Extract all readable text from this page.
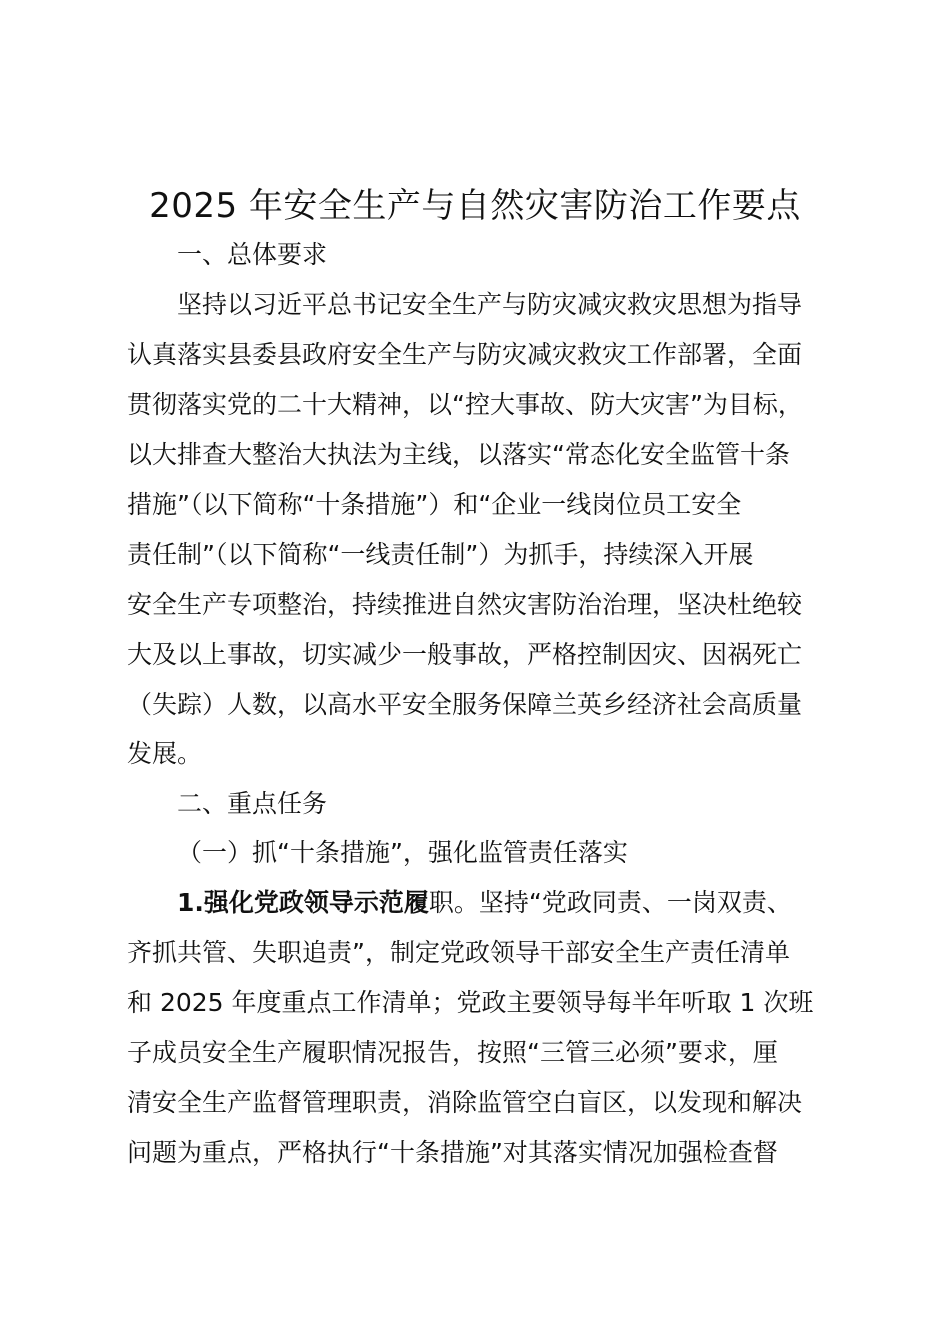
2025 年安全生产与自然灾害防治工作要点
一、总体要求
坚持以习近平总书记安全生产与防灾减灾救灾思想为指导
认真落实县委县政府安全生产与防灾减灾救灾工作部署，全面
贯彻落实党的二十大精神，以“控大事故、防大灾害”为目标，
以大排查大整治大执法为主线，以落实“常态化安全监管十条
措施”（以下简称“十条措施”）和“企业一线岗位员工安全
责任制”（以下简称“一线责任制”）为抓手，持续深入开展
安全生产专项整治，持续推进自然灾害防治治理，坚决杜绝较
大及以上事故，切实减少一般事故，严格控制因灾、因祸死亡
（失踪）人数，以高水平安全服务保障兰英乡经济社会高质量
发展。
二、重点任务
（一）抓“十条措施”，强化监管责任落实
1.强化党政领导示范履职。坚持“党政同责、一岗双责、
齐抓共管、失职追责”，制定党政领导干部安全生产责任清单
和 2025 年度重点工作清单；党政主要领导每半年听取 1 次班
子成员安全生产履职情况报告，按照“三管三必须”要求，厘
清安全生产监督管理职责，消除监管空白盲区，以发现和解决
问题为重点，严格执行“十条措施”对其落实情况加强检查督
